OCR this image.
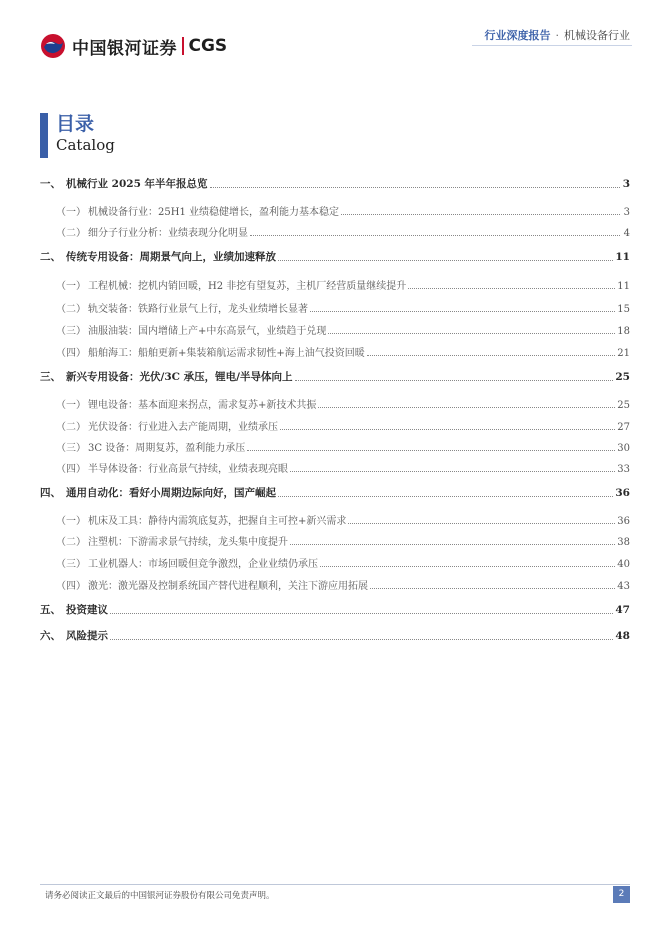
中国银河证券 CGS
行业深度报告 · 机械设备行业
目录
Catalog
一、 机械行业 2025 年半年报总览	3
（一） 机械设备行业：25H1 业绩稳健增长，盈利能力基本稳定	3
（二） 细分子行业分析：业绩表现分化明显	4
二、 传统专用设备：周期景气向上，业绩加速释放	11
（一） 工程机械：挖机内销回暖，H2 非挖有望复苏，主机厂经营质量继续提升	11
（二） 轨交装备：铁路行业景气上行，龙头业绩增长显著	15
（三） 油服油装：国内增储上产+中东高景气，业绩趋于兑现	18
（四） 船舶海工：船舶更新+集装箱航运需求韧性+海上油气投资回暖	21
三、 新兴专用设备：光伏/3C 承压，锂电/半导体向上	25
（一） 锂电设备：基本面迎来拐点，需求复苏+新技术共振	25
（二） 光伏设备：行业进入去产能周期，业绩承压	27
（三） 3C 设备：周期复苏，盈利能力承压	30
（四） 半导体设备：行业高景气持续，业绩表现亮眼	33
四、 通用自动化：看好小周期边际向好，国产崛起	36
（一） 机床及工具：静待内需筑底复苏，把握自主可控+新兴需求	36
（二） 注塑机：下游需求景气持续，龙头集中度提升	38
（三） 工业机器人：市场回暖但竞争激烈，企业业绩仍承压	40
（四） 激光：激光器及控制系统国产替代进程顺利，关注下游应用拓展	43
五、 投资建议	47
六、 风险提示	48
请务必阅读正文最后的中国银河证券股份有限公司免责声明。	2
